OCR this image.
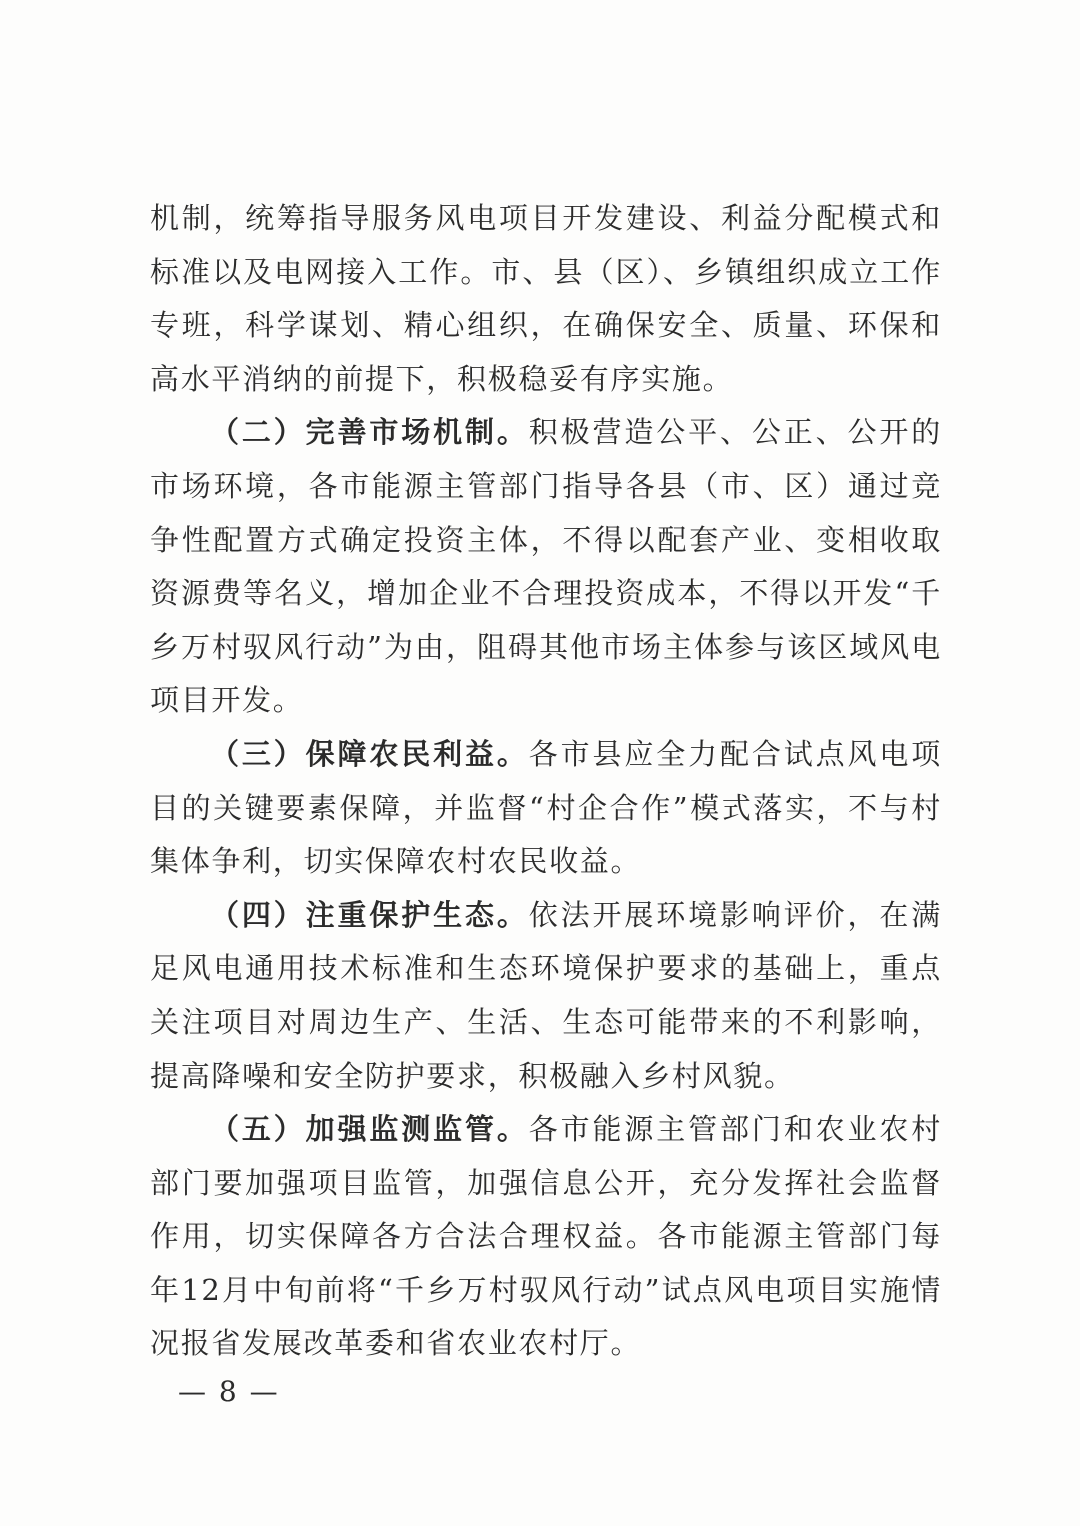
机制，统筹指导服务风电项目开发建设、利益分配模式和标准以及电网接入工作。市、县（区）、乡镇组织成立工作专班，科学谋划、精心组织，在确保安全、质量、环保和高水平消纳的前提下，积极稳妥有序实施。

（二）完善市场机制。积极营造公平、公正、公开的市场环境，各市能源主管部门指导各县（市、区）通过竞争性配置方式确定投资主体，不得以配套产业、变相收取资源费等名义，增加企业不合理投资成本，不得以开发“千乡万村驭风行动”为由，阻碍其他市场主体参与该区域风电项目开发。

（三）保障农民利益。各市县应全力配合试点风电项目的关键要素保障，并监督“村企合作”模式落实，不与村集体争利，切实保障农村农民收益。

（四）注重保护生态。依法开展环境影响评价，在满足风电通用技术标准和生态环境保护要求的基础上，重点关注项目对周边生产、生活、生态可能带来的不利影响，提高降噪和安全防护要求，积极融入乡村风貌。

（五）加强监测监管。各市能源主管部门和农业农村部门要加强项目监管，加强信息公开，充分发挥社会监督作用，切实保障各方合法合理权益。各市能源主管部门每年12月中旬前将“千乡万村驭风行动”试点风电项目实施情况报省发展改革委和省农业农村厅。

— 8 —
